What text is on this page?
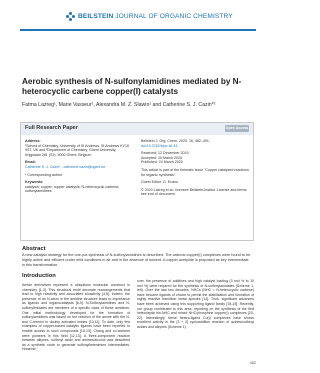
BEILSTEIN JOURNAL OF ORGANIC CHEMISTRY
Aerobic synthesis of N-sulfonylamidines mediated by N-heterocyclic carbene copper(I) catalysts
Fatma Lazreg¹, Marie Vasseur¹, Alexandra M. Z. Slawin¹ and Catherine S. J. Cazin*²
Full Research Paper	Open Access

Address:
¹School of Chemistry, University of St Andrews, St Andrews KY16 9ST, UK and ²Department of Chemistry, Ghent University, Krijgslaan 281 (S3), 9000 Ghent, Belgium

Email:
Catherine S. J. Cazin* - catherine.cazin@ugent.be

* Corresponding author

Keywords:
catalysis; copper; copper catalysis; N-heterocyclic carbene; sulfonylamidines

Beilstein J. Org. Chem. 2020, 16, 482–491.
doi:10.3762/bjoc.16.43

Received: 12 December 2019
Accepted: 20 March 2020
Published: 24 March 2020

This article is part of the thematic issue "Copper catalyzed reactions for organic synthesis".

Guest Editor: G. Evano

© 2020 Lazreg et al.; licensee Beilstein-Institut. License and terms: see end of document.

Abstract
A new catalytic strategy for the one-pot synthesis of N-sulfonylamidines is described. The cationic copper(I) complexes were found to be highly active and efficient under mild conditions in air and in the absence of solvent. A copper acetylide is proposed as key intermediate in this transformation.
Introduction
Amide derivatives represent a ubiquitous molecular construct in chemistry [1-3]. This structural motif decorate rearrangements that lead to high reactivity and associated bioactivity [4,5]. Indeed, the presence of an N-atom in the amidine structure leads to importance as ligands and organocatalysts [6-9]. N-Sulfonylamidines and N-sulfonylimidates are members of a specific class of these amidines. One initial methodology developed for the formation of sulfonylamidines was based on the reaction of the amine with the N- and C-termini in doubly activated imines [10,11]. To date, only few examples of copper-based catalytic ligands have been reported to enable access to such compounds [10-13]. Chang and co-workers were pioneers in this field [12,13]. A three-component reaction between alkynes, sulfonyl azide and amines/alcohol was described as a synthetic route to generate sulfonylketenimine intermediates. However,
over, the presence of additives and high catalyst loading (3 mol % to 10 mol %) were required for the synthesis of N-sulfonylamidates (Scheme 1, left). Over the last two decades, NHCs (NHC = N-heterocyclic carbene) have become ligands of choice to permit the stabilisation and formation of highly reactive transition metal species [14]. Thus, significant advances have been achieved using this supporting ligand family [15-19]. Recently, our group contributed to this area, reporting on the synthesis of the first heteroleptic bis-NHC and mixed NHC/phosphine copper(I) complexes [20-22]. Interestingly, these hetero-ligand Cu(I) complexes have shown excellent activity in the [3 + 2] cycloaddition reaction of azides/sulfonyl azides and alkynes (Scheme 1).
482
